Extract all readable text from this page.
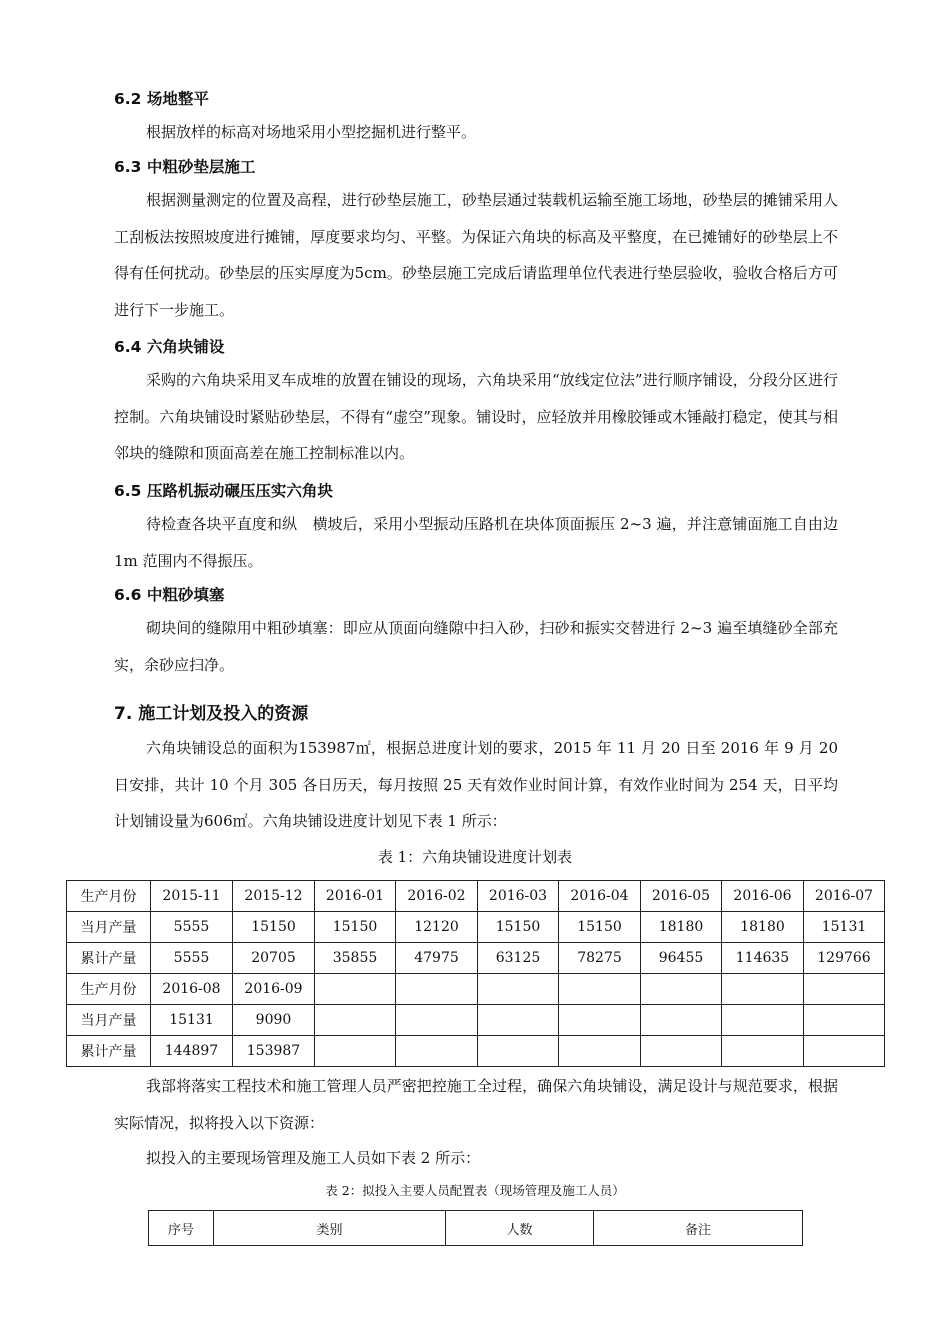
6.2 场地整平
根据放样的标高对场地采用小型挖掘机进行整平。
6.3 中粗砂垫层施工
根据测量测定的位置及高程，进行砂垫层施工，砂垫层通过装载机运输至施工场地，砂垫层的摊铺采用人工刮板法按照坡度进行摊铺，厚度要求均匀、平整。为保证六角块的标高及平整度，在已摊铺好的砂垫层上不得有任何扰动。砂垫层的压实厚度为5cm。砂垫层施工完成后请监理单位代表进行垫层验收，验收合格后方可进行下一步施工。
6.4 六角块铺设
采购的六角块采用叉车成堆的放置在铺设的现场，六角块采用“放线定位法”进行顺序铺设，分段分区进行控制。六角块铺设时紧贴砂垫层，不得有“虚空”现象。铺设时，应轻放并用橡胶锤或木锤敲打稳定，使其与相邻块的缝隙和顶面高差在施工控制标准以内。
6.5 压路机振动碾压压实六角块
待检查各块平直度和纵　横坡后，采用小型振动压路机在块体顶面振压 2~3 遍，并注意铺面施工自由边 1m 范围内不得振压。
6.6 中粗砂填塞
砌块间的缝隙用中粗砂填塞：即应从顶面向缝隙中扫入砂，扫砂和振实交替进行 2~3 遍至填缝砂全部充实，余砂应扫净。
7. 施工计划及投入的资源
六角块铺设总的面积为153987㎡，根据总进度计划的要求，2015 年 11 月 20 日至 2016 年 9 月 20 日安排，共计 10 个月 305 各日历天，每月按照 25 天有效作业时间计算，有效作业时间为 254 天，日平均计划铺设量为606㎡。六角块铺设进度计划见下表 1 所示：
表 1：六角块铺设进度计划表
生产月份	2015-11	2015-12	2016-01	2016-02	2016-03	2016-04	2016-05	2016-06	2016-07
当月产量	5555	15150	15150	12120	15150	15150	18180	18180	15131
累计产量	5555	20705	35855	47975	63125	78275	96455	114635	129766
生产月份	2016-08	2016-09							
当月产量	15131	9090							
累计产量	144897	153987							
我部将落实工程技术和施工管理人员严密把控施工全过程，确保六角块铺设，满足设计与规范要求，根据实际情况，拟将投入以下资源：
拟投入的主要现场管理及施工人员如下表 2 所示：
表 2：拟投入主要人员配置表（现场管理及施工人员）
序号	类别	人数	备注
